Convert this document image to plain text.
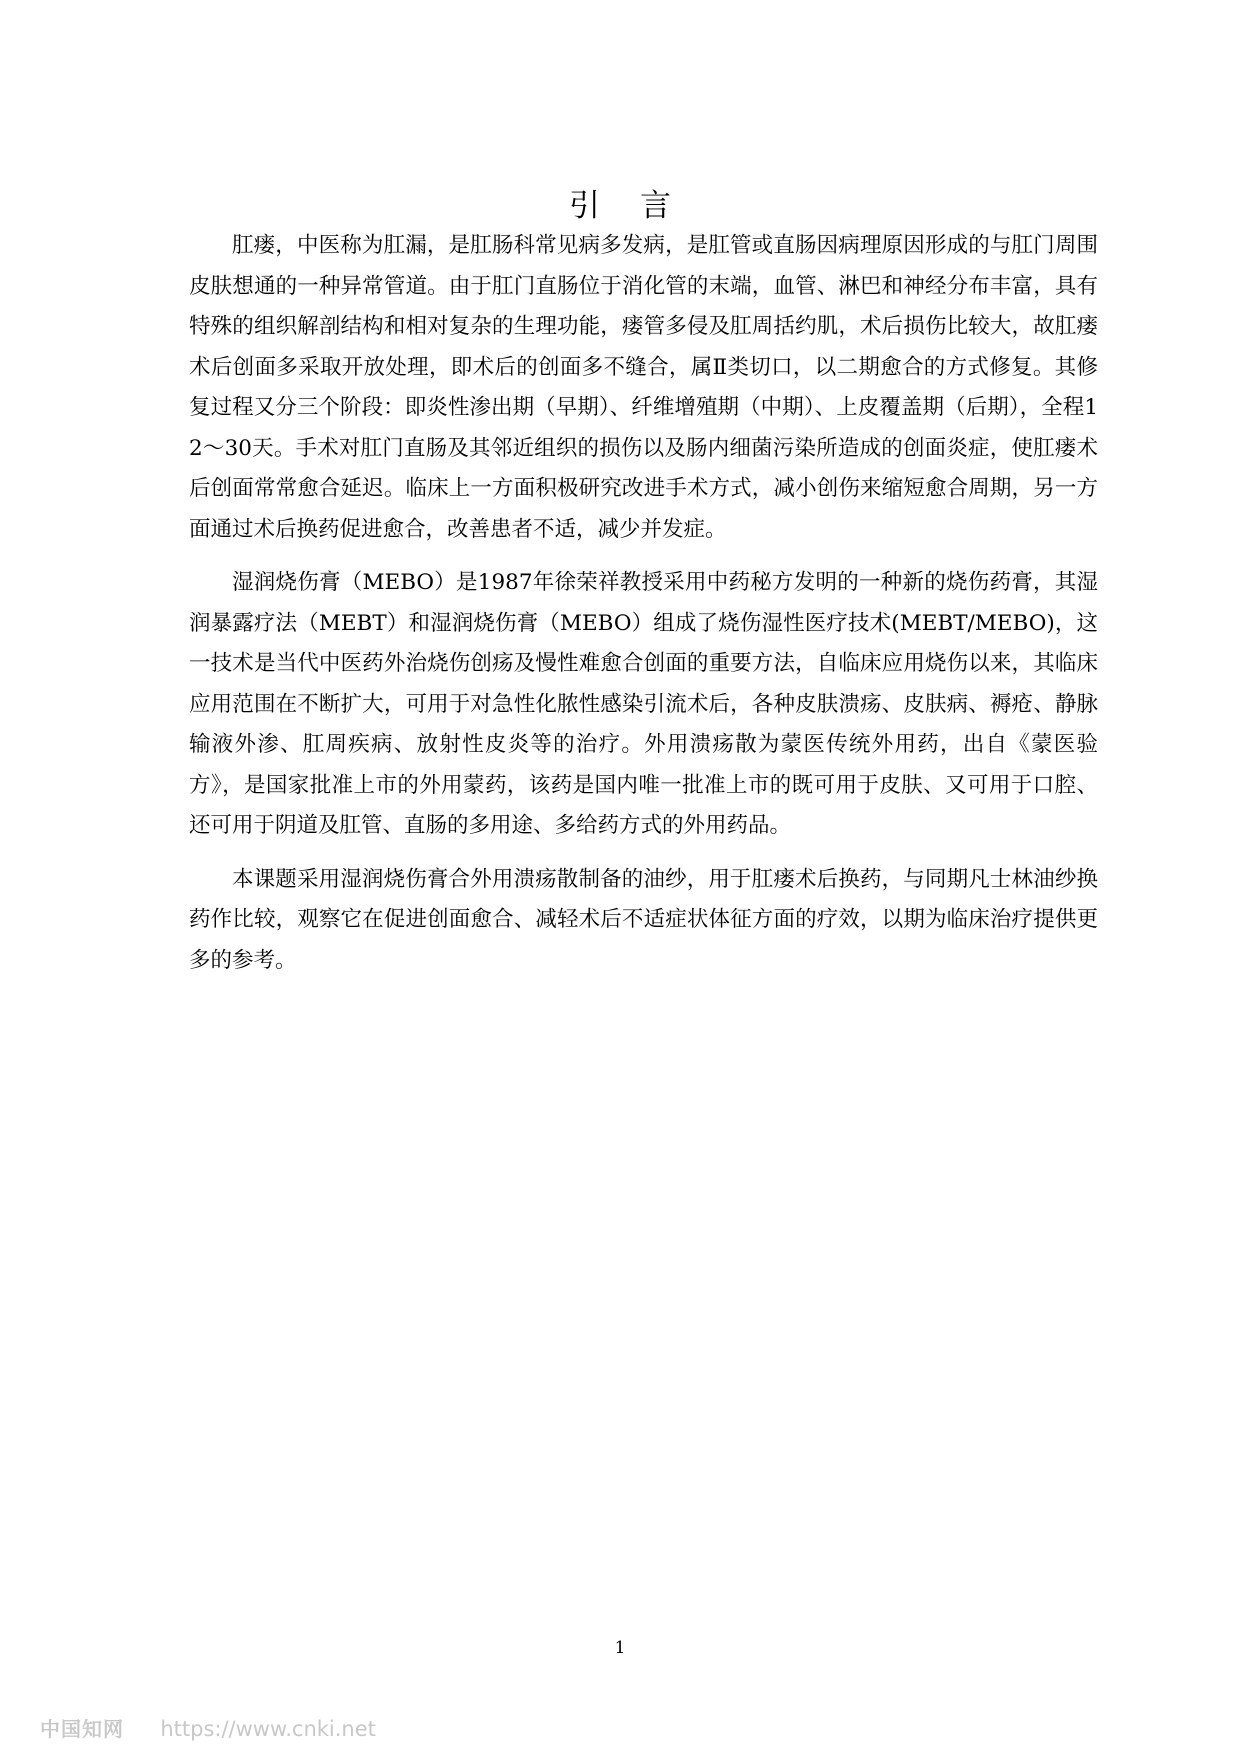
引言

肛瘘，中医称为肛漏，是肛肠科常见病多发病，是肛管或直肠因病理原因形成的与肛门周围皮肤想通的一种异常管道。由于肛门直肠位于消化管的末端，血管、淋巴和神经分布丰富，具有特殊的组织解剖结构和相对复杂的生理功能，瘘管多侵及肛周括约肌，术后损伤比较大，故肛瘘术后创面多采取开放处理，即术后的创面多不缝合，属Ⅱ类切口，以二期愈合的方式修复。其修复过程又分三个阶段：即炎性渗出期（早期）、纤维增殖期（中期）、上皮覆盖期（后期），全程12～30天。手术对肛门直肠及其邻近组织的损伤以及肠内细菌污染所造成的创面炎症，使肛瘘术后创面常常愈合延迟。临床上一方面积极研究改进手术方式，减小创伤来缩短愈合周期，另一方面通过术后换药促进愈合，改善患者不适，减少并发症。

湿润烧伤膏（MEBO）是1987年徐荣祥教授采用中药秘方发明的一种新的烧伤药膏，其湿润暴露疗法（MEBT）和湿润烧伤膏（MEBO）组成了烧伤湿性医疗技术(MEBT/MEBO)，这一技术是当代中医药外治烧伤创疡及慢性难愈合创面的重要方法，自临床应用烧伤以来，其临床应用范围在不断扩大，可用于对急性化脓性感染引流术后，各种皮肤溃疡、皮肤病、褥疮、静脉输液外渗、肛周疾病、放射性皮炎等的治疗。外用溃疡散为蒙医传统外用药，出自《蒙医验方》，是国家批准上市的外用蒙药，该药是国内唯一批准上市的既可用于皮肤、又可用于口腔、还可用于阴道及肛管、直肠的多用途、多给药方式的外用药品。

本课题采用湿润烧伤膏合外用溃疡散制备的油纱，用于肛瘘术后换药，与同期凡士林油纱换药作比较，观察它在促进创面愈合、减轻术后不适症状体征方面的疗效，以期为临床治疗提供更多的参考。

1
中国知网 https://www.cnki.net
